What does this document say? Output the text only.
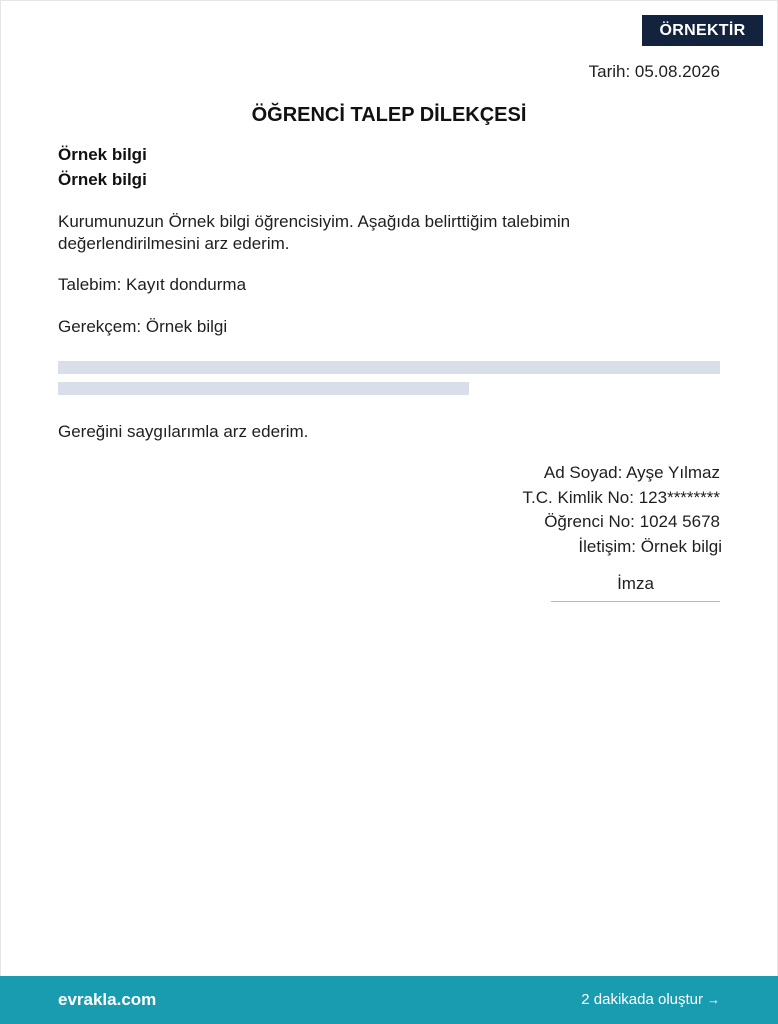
ÖRNEKTİR
Tarih: 05.08.2026
ÖĞRENCİ TALEP DİLEKÇESİ
Örnek bilgi
Örnek bilgi
Kurumunuzun Örnek bilgi öğrencisiyim. Aşağıda belirttiğim talebimin değerlendirilmesini arz ederim.
Talebim: Kayıt dondurma
Gerekçem: Örnek bilgi
Gereğini saygılarımla arz ederim.
Ad Soyad: Ayşe Yılmaz
T.C. Kimlik No: 123********
Öğrenci No: 1024 5678
İletişim: Örnek bilgi
İmza
evrakla.com	2 dakikada oluştur →
